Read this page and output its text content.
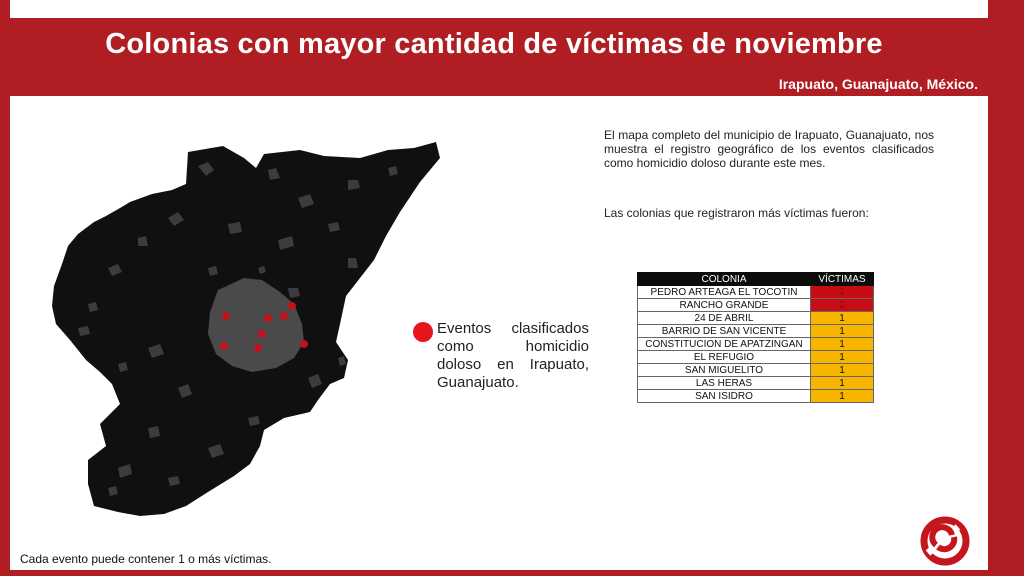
Colonias con mayor cantidad de víctimas de noviembre
Irapuato, Guanajuato, México.
Eventos clasificados como homicidio doloso en Irapuato, Guanajuato.
El mapa completo del municipio de Irapuato, Guanajuato, nos muestra el registro geográfico de los eventos clasificados como homicidio doloso durante este mes.
Las colonias que registraron más víctimas fueron:
COLONIA	VÍCTIMAS
PEDRO ARTEAGA EL TOCOTIN	2
RANCHO GRANDE	2
24 DE ABRIL	1
BARRIO DE SAN VICENTE	1
CONSTITUCION DE APATZINGAN	1
EL REFUGIO	1
SAN MIGUELITO	1
LAS HERAS	1
SAN ISIDRO	1
Cada evento puede contener 1 o más víctimas.
